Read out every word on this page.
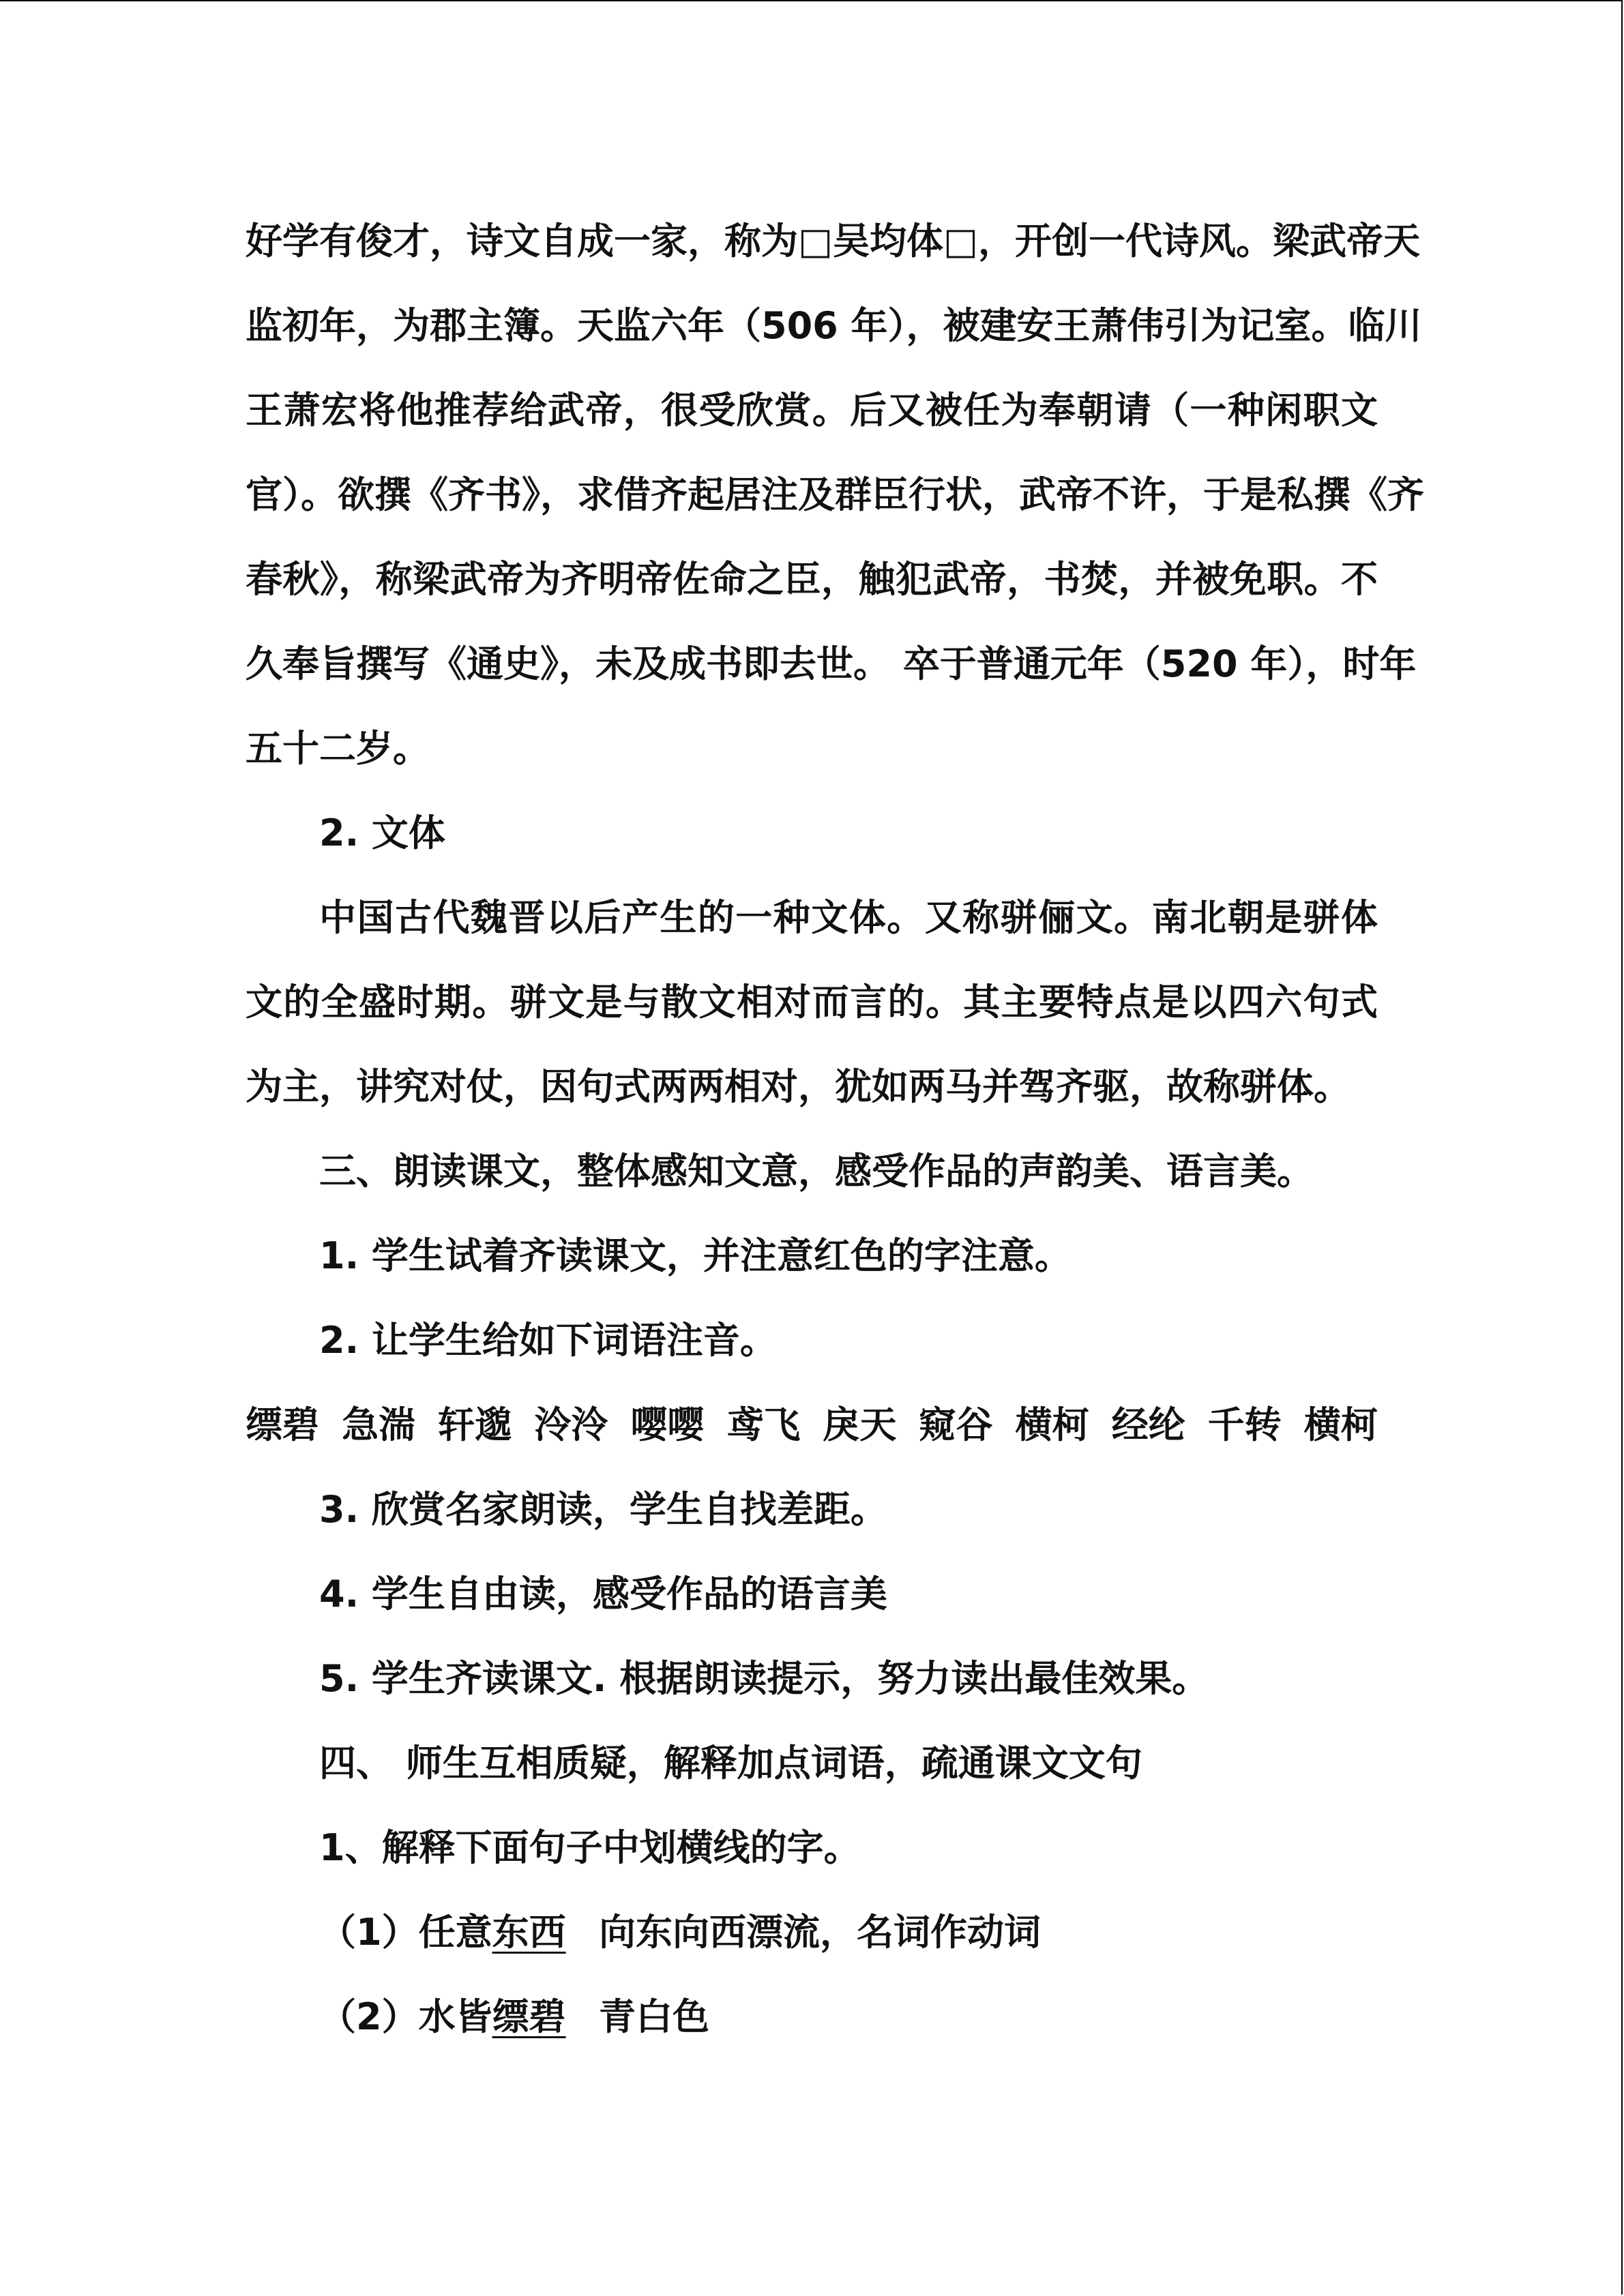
好学有俊才，诗文自成一家，称为□吴均体□，开创一代诗风。梁武帝天
监初年，为郡主簿。天监六年（506 年），被建安王萧伟引为记室。临川
王萧宏将他推荐给武帝，很受欣赏。后又被任为奉朝请（一种闲职文
官）。欲撰《齐书》，求借齐起居注及群臣行状，武帝不许，于是私撰《齐
春秋》，称梁武帝为齐明帝佐命之臣，触犯武帝，书焚，并被免职。不
久奉旨撰写《通史》，未及成书即去世。 卒于普通元年（520 年），时年
五十二岁。
2. 文体
中国古代魏晋以后产生的一种文体。又称骈俪文。南北朝是骈体
文的全盛时期。骈文是与散文相对而言的。其主要特点是以四六句式
为主，讲究对仗，因句式两两相对，犹如两马并驾齐驱，故称骈体。
三、朗读课文，整体感知文意，感受作品的声韵美、语言美。
1. 学生试着齐读课文，并注意红色的字注意。
2. 让学生给如下词语注音。
缥碧 急湍 轩邈 泠泠 嘤嘤 鸢飞 戾天 窥谷 横柯 经纶 千转 横柯
3. 欣赏名家朗读，学生自找差距。
4. 学生自由读，感受作品的语言美
5. 学生齐读课文. 根据朗读提示，努力读出最佳效果。
四、 师生互相质疑，解释加点词语，疏通课文文句
1、解释下面句子中划横线的字。
（1）任意东西 向东向西漂流，名词作动词
（2）水皆缥碧 青白色
